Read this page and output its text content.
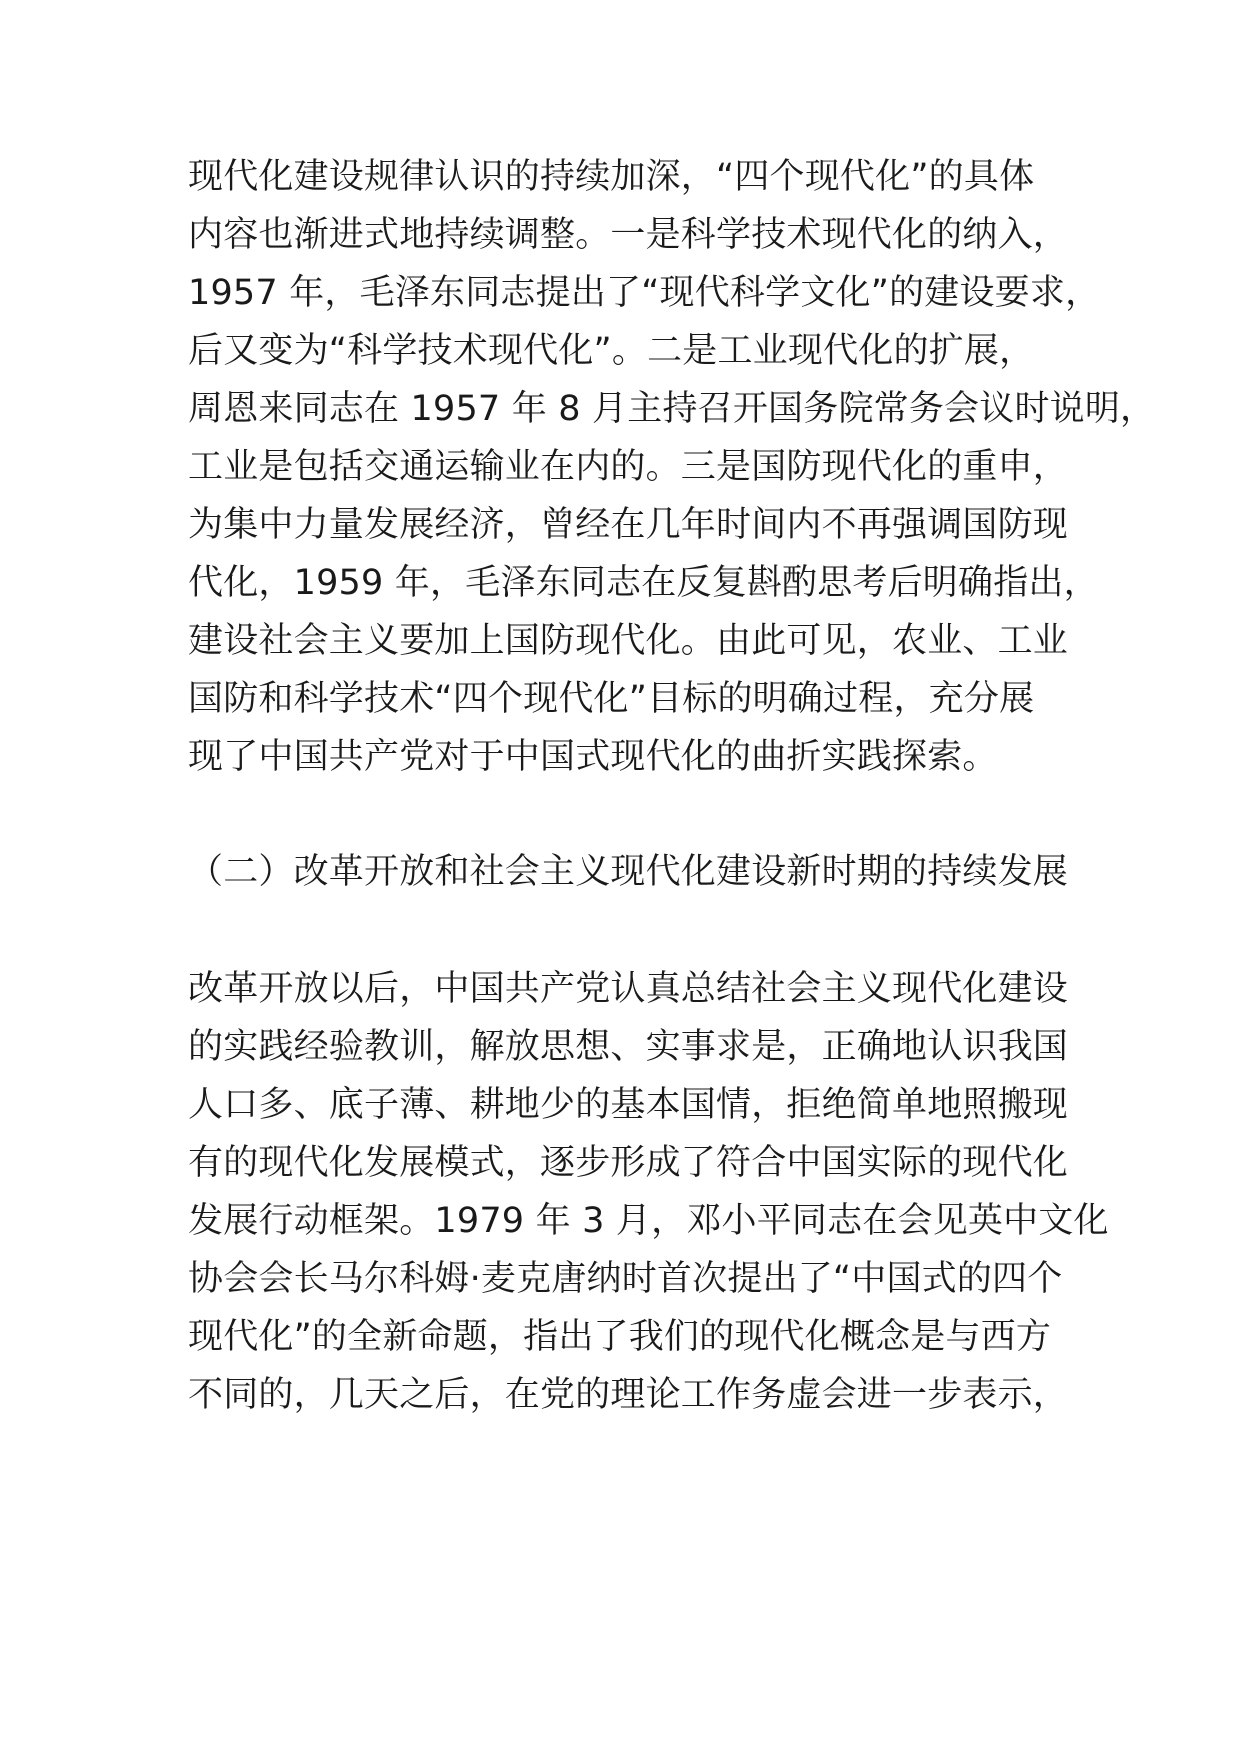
现代化建设规律认识的持续加深，“四个现代化”的具体
内容也渐进式地持续调整。一是科学技术现代化的纳入，
1957 年，毛泽东同志提出了“现代科学文化”的建设要求，
后又变为“科学技术现代化”。二是工业现代化的扩展，
周恩来同志在 1957 年 8 月主持召开国务院常务会议时说明，
工业是包括交通运输业在内的。三是国防现代化的重申，
为集中力量发展经济，曾经在几年时间内不再强调国防现
代化，1959 年，毛泽东同志在反复斟酌思考后明确指出，
建设社会主义要加上国防现代化。由此可见，农业、工业
国防和科学技术“四个现代化”目标的明确过程，充分展
现了中国共产党对于中国式现代化的曲折实践探索。
（二）改革开放和社会主义现代化建设新时期的持续发展
改革开放以后，中国共产党认真总结社会主义现代化建设
的实践经验教训，解放思想、实事求是，正确地认识我国
人口多、底子薄、耕地少的基本国情，拒绝简单地照搬现
有的现代化发展模式，逐步形成了符合中国实际的现代化
发展行动框架。1979 年 3 月，邓小平同志在会见英中文化
协会会长马尔科姆·麦克唐纳时首次提出了“中国式的四个
现代化”的全新命题，指出了我们的现代化概念是与西方
不同的，几天之后，在党的理论工作务虚会进一步表示，
